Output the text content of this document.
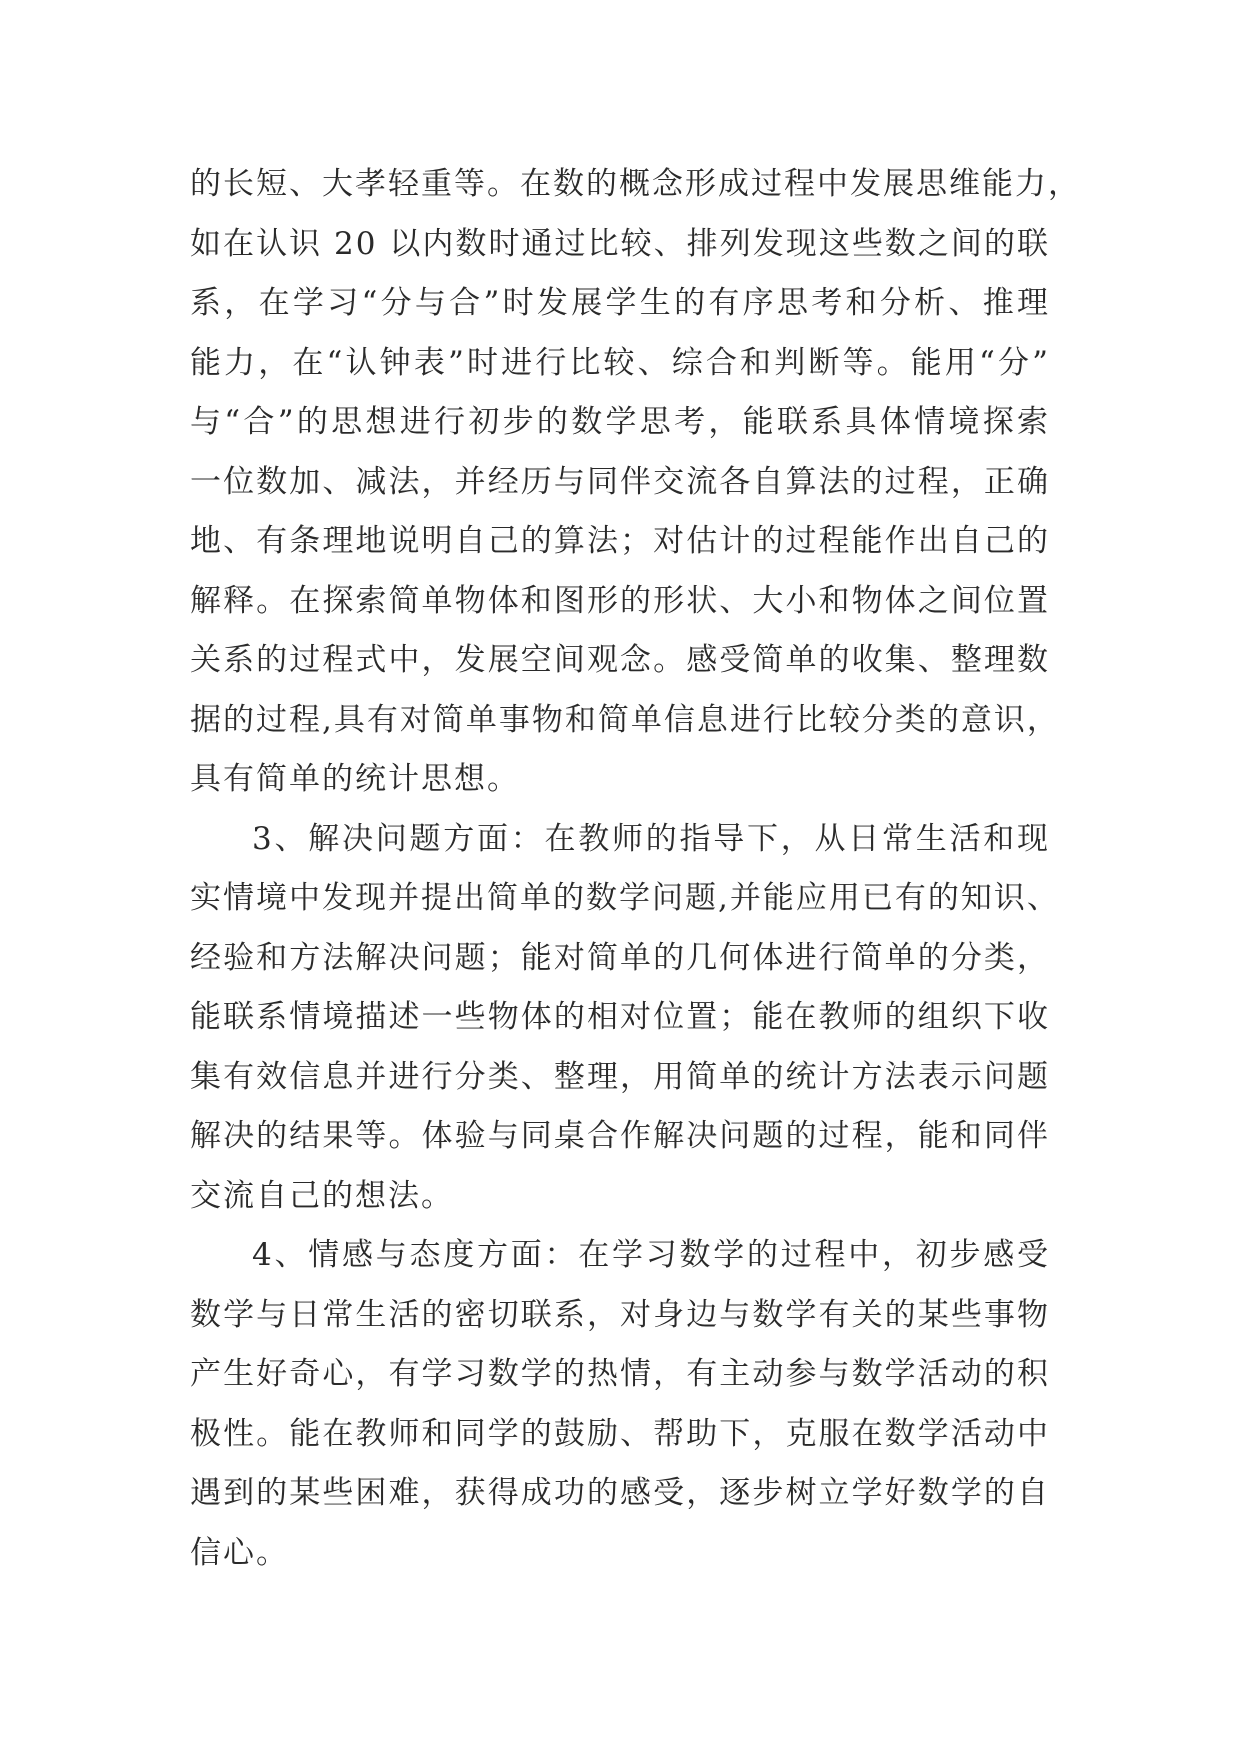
的长短、大孝轻重等。在数的概念形成过程中发展思维能力，
如在认识 20 以内数时通过比较、排列发现这些数之间的联
系，在学习“分与合”时发展学生的有序思考和分析、推理
能力，在“认钟表”时进行比较、综合和判断等。能用“分”
与“合”的思想进行初步的数学思考，能联系具体情境探索
一位数加、减法，并经历与同伴交流各自算法的过程，正确
地、有条理地说明自己的算法；对估计的过程能作出自己的
解释。在探索简单物体和图形的形状、大小和物体之间位置
关系的过程式中，发展空间观念。感受简单的收集、整理数
据的过程,具有对简单事物和简单信息进行比较分类的意识，
具有简单的统计思想。
3、解决问题方面：在教师的指导下，从日常生活和现
实情境中发现并提出简单的数学问题,并能应用已有的知识、
经验和方法解决问题；能对简单的几何体进行简单的分类，
能联系情境描述一些物体的相对位置；能在教师的组织下收
集有效信息并进行分类、整理，用简单的统计方法表示问题
解决的结果等。体验与同桌合作解决问题的过程，能和同伴
交流自己的想法。
4、情感与态度方面：在学习数学的过程中，初步感受
数学与日常生活的密切联系，对身边与数学有关的某些事物
产生好奇心，有学习数学的热情，有主动参与数学活动的积
极性。能在教师和同学的鼓励、帮助下，克服在数学活动中
遇到的某些困难，获得成功的感受，逐步树立学好数学的自
信心。
